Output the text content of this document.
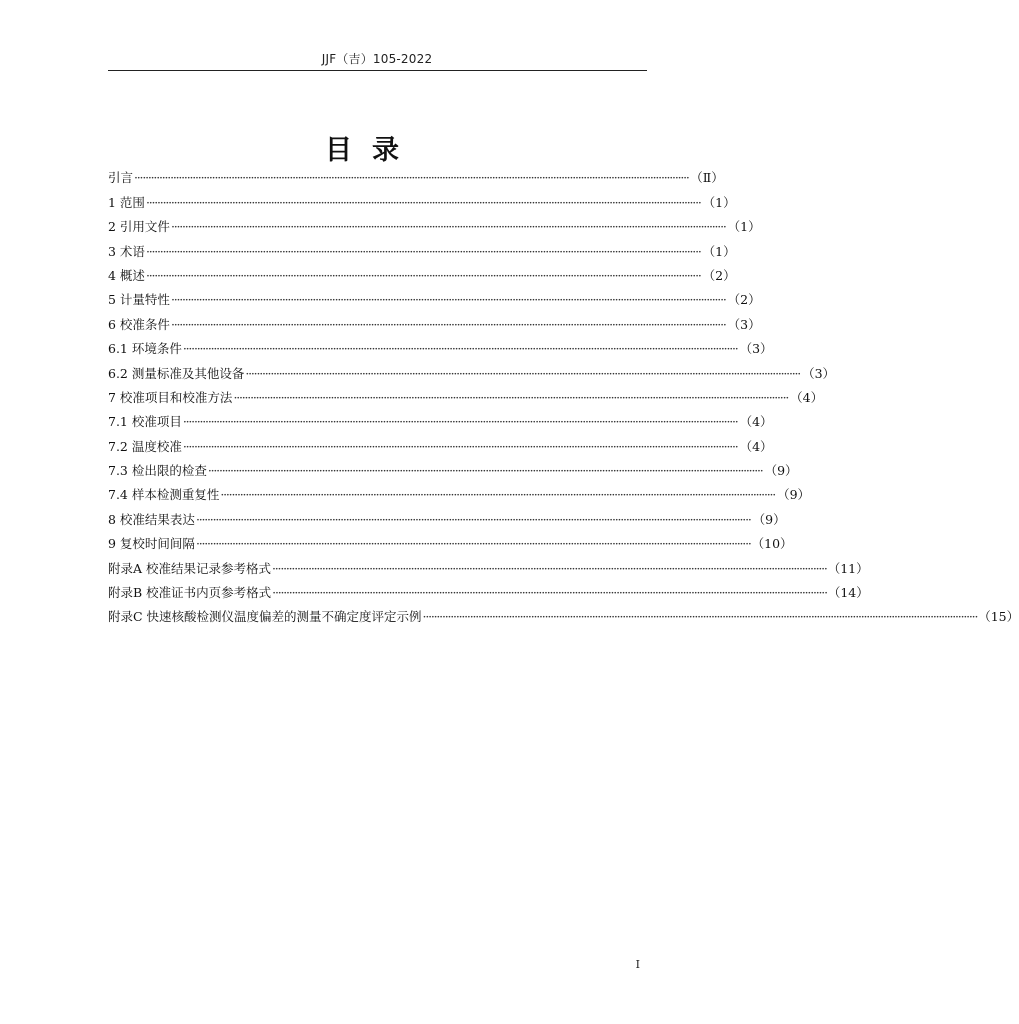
JJF（吉）105-2022
目录
引言 ········································································································································································································ （Ⅱ）
1 范围 ········································································································································································································ （1）
2 引用文件 ········································································································································································································ （1）
3 术语 ········································································································································································································ （1）
4 概述 ········································································································································································································ （2）
5 计量特性 ········································································································································································································ （2）
6 校准条件 ········································································································································································································ （3）
6.1 环境条件 ········································································································································································································ （3）
6.2 测量标准及其他设备 ········································································································································································································ （3）
7 校准项目和校准方法 ········································································································································································································ （4）
7.1 校准项目 ········································································································································································································ （4）
7.2 温度校准 ········································································································································································································ （4）
7.3 检出限的检查 ········································································································································································································ （9）
7.4 样本检测重复性 ········································································································································································································ （9）
8 校准结果表达 ········································································································································································································ （9）
9 复校时间间隔 ········································································································································································································ （10）
附录A 校准结果记录参考格式 ········································································································································································································ （11）
附录B 校准证书内页参考格式 ········································································································································································································ （14）
附录C 快速核酸检测仪温度偏差的测量不确定度评定示例 ········································································································································································································ （15）
I
